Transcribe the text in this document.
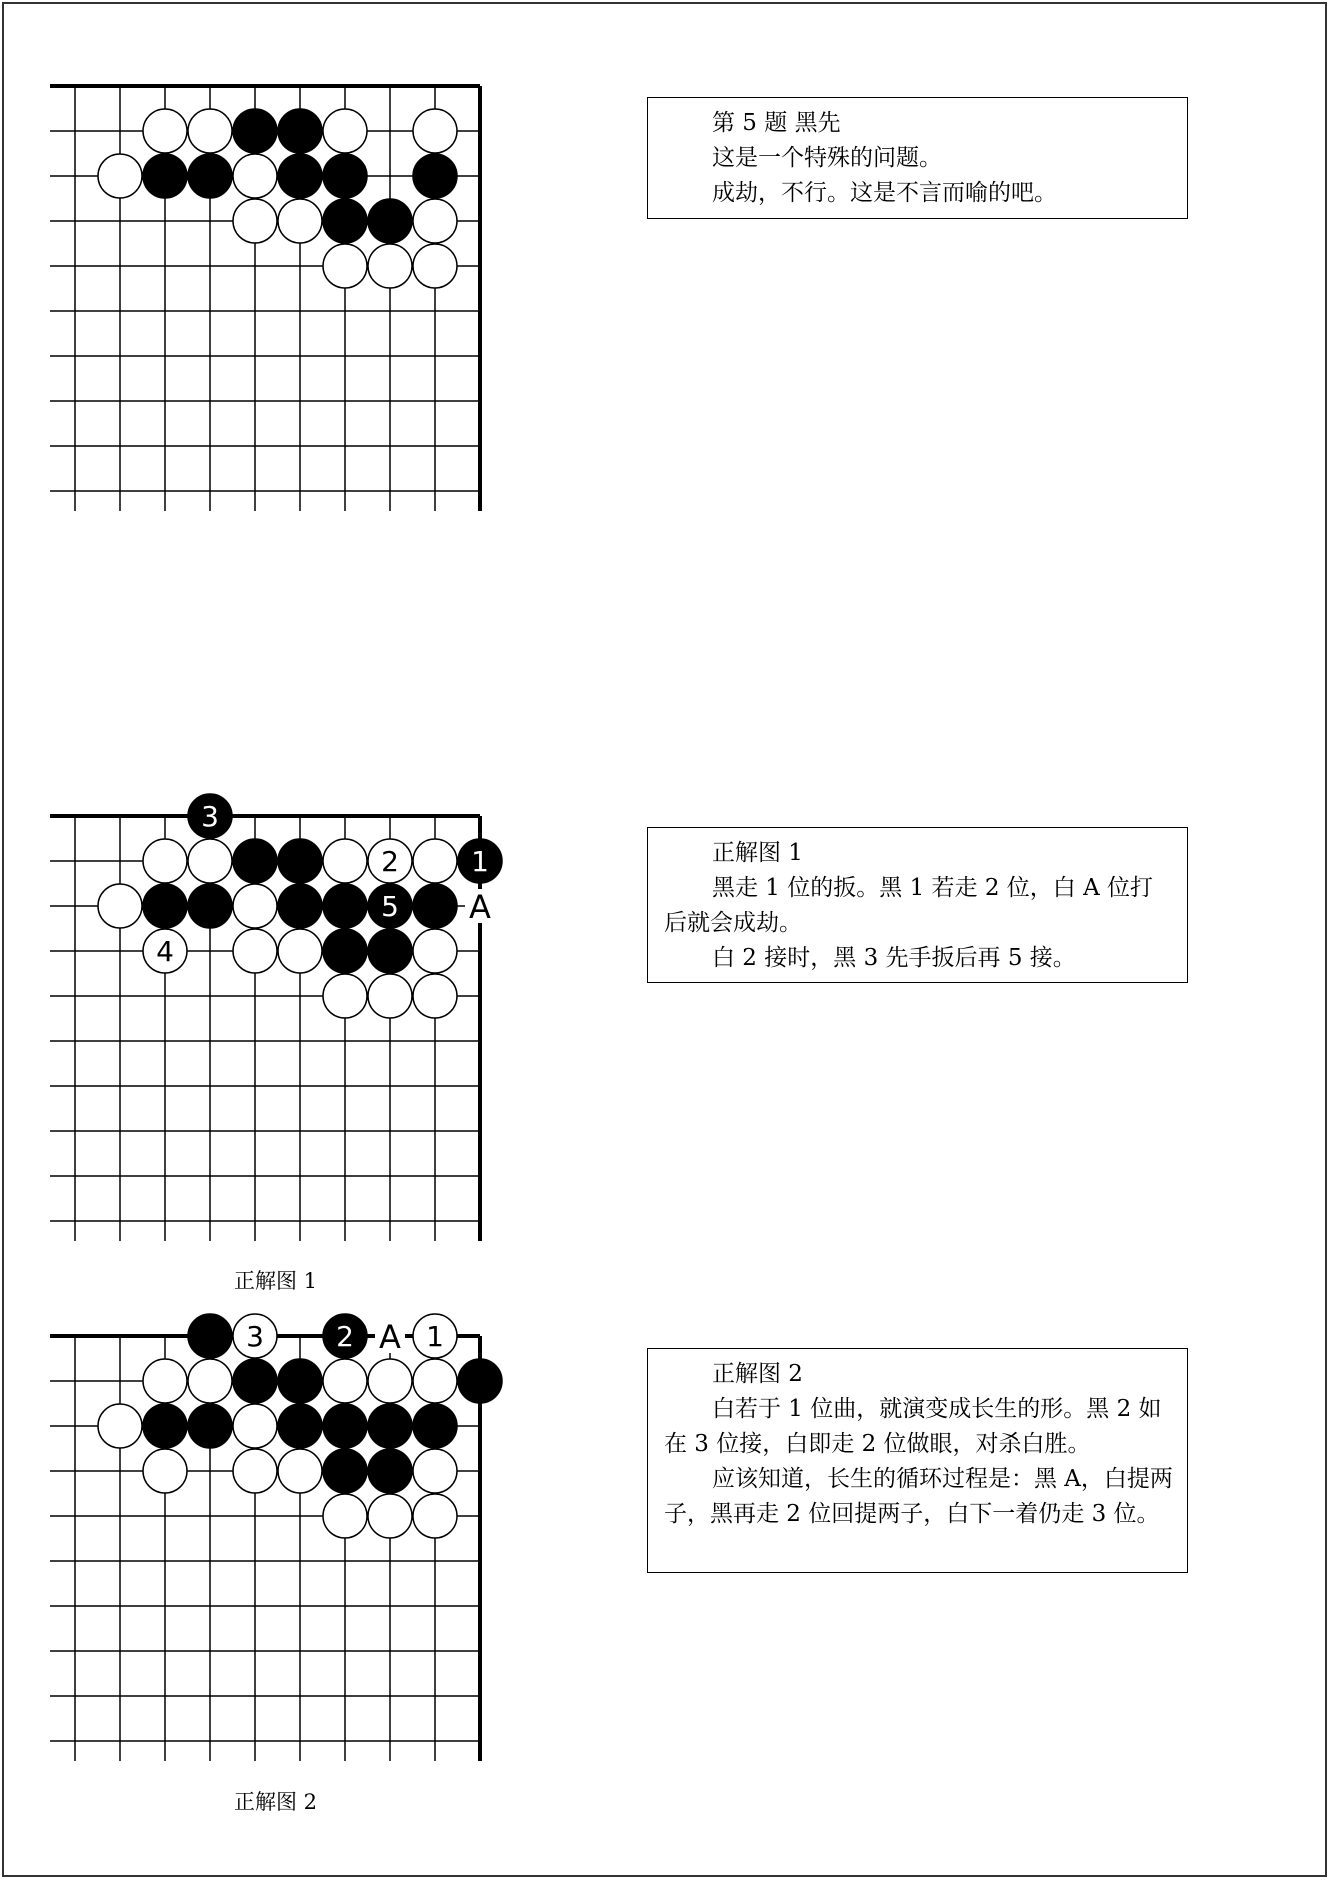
3
2	1
5
4
A
3	2	1
A

第 5 题 黑先

这是一个特殊的问题。

成劫，不行。这是不言而喻的吧。

正解图 1

黑走 1 位的扳。黑 1 若走 2 位，白 A 位打后就会成劫。

白 2 接时，黑 3 先手扳后再 5 接。

正解图 2

白若于 1 位曲，就演变成长生的形。黑 2 如在 3 位接，白即走 2 位做眼，对杀白胜。

应该知道，长生的循环过程是：黑 A，白提两子，黑再走 2 位回提两子，白下一着仍走 3 位。

正解图 1
正解图 2
